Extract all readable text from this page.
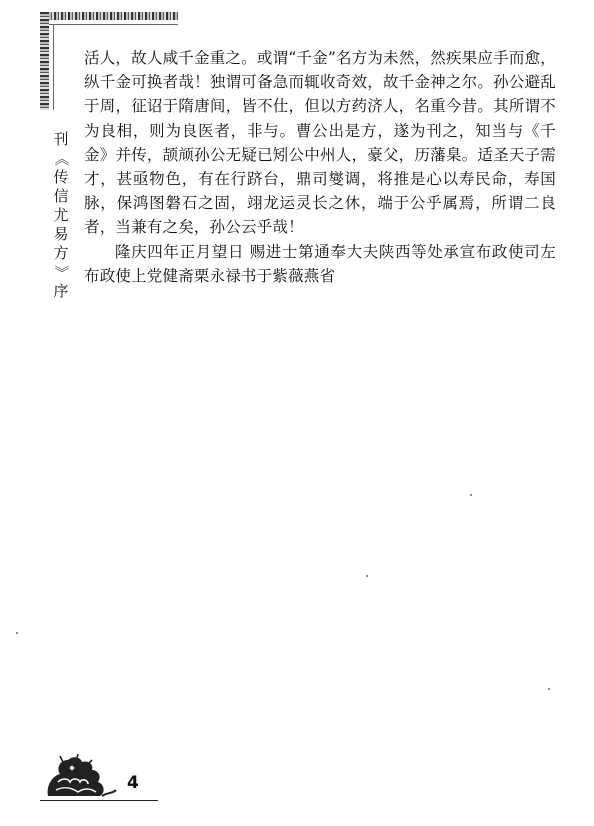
刊
《
传
信
尤
易
方
》
序

活人，故人咸千金重之。或谓“千金”名方为未然，然疾果应手而愈，纵千金可换者哉！独谓可备急而辄收奇效，故千金神之尔。孙公避乱于周，征诏于隋唐间，皆不仕，但以方药济人，名重今昔。其所谓不为良相，则为良医者，非与。曹公出是方，遂为刊之，知当与《千金》并传，颉颃孙公无疑已矧公中州人，豪父，历藩臬。适圣天子需才，甚亟物色，有在行跻台，鼎司燮调，将推是心以寿民命，寿国脉，保鸿图磐石之固，翊龙运灵长之休，端于公乎属焉，所谓二良者，当兼有之矣，孙公云乎哉！

隆庆四年正月望日 赐进士第通奉大夫陕西等处承宣布政使司左布政使上党健斋栗永禄书于紫薇燕省

4
